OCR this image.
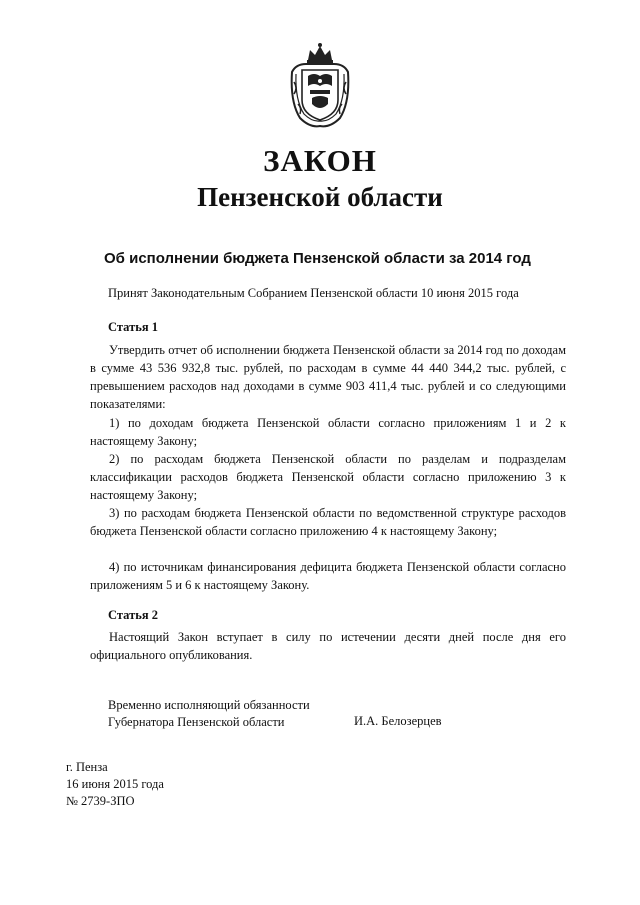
ЗАКОН
Пензенской области
Об исполнении бюджета Пензенской области за 2014 год

Принят Законодательным Собранием Пензенской области 10 июня 2015 года

Статья 1

Утвердить отчет об исполнении бюджета Пензенской области за 2014 год по доходам в сумме 43 536 932,8 тыс. рублей, по расходам в сумме 44 440 344,2 тыс. рублей, с превышением расходов над доходами в сумме 903 411,4 тыс. рублей и со следующими показателями:

1) по доходам бюджета Пензенской области согласно приложениям 1 и 2 к настоящему Закону;

2) по расходам бюджета Пензенской области по разделам и подразделам классификации расходов бюджета Пензенской области согласно приложению 3 к настоящему Закону;

3) по расходам бюджета Пензенской области по ведомственной структуре расходов бюджета Пензенской области согласно приложению 4 к настоящему Закону;

4) по источникам финансирования дефицита бюджета Пензенской области согласно приложениям 5 и 6 к настоящему Закону.

Статья 2

Настоящий Закон вступает в силу по истечении десяти дней после дня его официального опубликования.

Временно исполняющий обязанности
Губернатора Пензенской области	И.А. Белозерцев

г. Пенза
16 июня 2015 года
№ 2739-ЗПО
